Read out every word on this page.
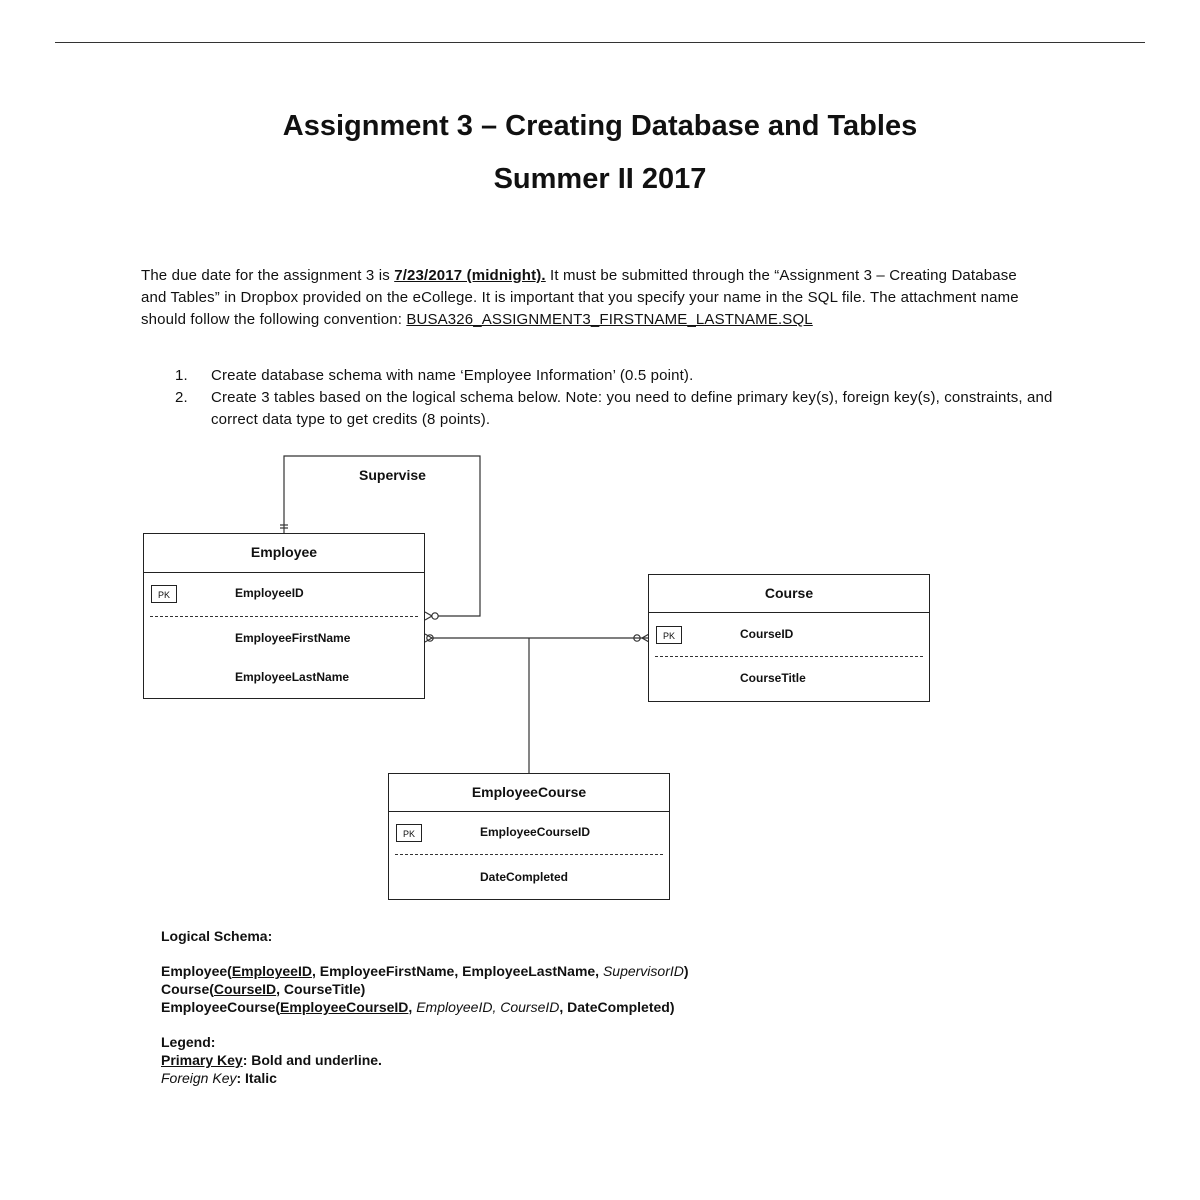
Assignment 3 – Creating Database and Tables
Summer II 2017
The due date for the assignment 3 is 7/23/2017 (midnight). It must be submitted through the “Assignment 3 – Creating Database and Tables” in Dropbox provided on the eCollege. It is important that you specify your name in the SQL file. The attachment name should follow the following convention: BUSA326_ASSIGNMENT3_FIRSTNAME_LASTNAME.SQL
1.	Create database schema with name ‘Employee Information’ (0.5 point).
2.	Create 3 tables based on the logical schema below. Note: you need to define primary key(s), foreign key(s), constraints, and correct data type to get credits (8 points).
Supervise
Employee
PK	EmployeeID
EmployeeFirstName
EmployeeLastName
Course
PK	CourseID
CourseTitle
EmployeeCourse
PK	EmployeeCourseID
DateCompleted
Logical Schema:
Employee(EmployeeID, EmployeeFirstName, EmployeeLastName, SupervisorID)
Course(CourseID, CourseTitle)
EmployeeCourse(EmployeeCourseID, EmployeeID, CourseID, DateCompleted)
Legend:
Primary Key: Bold and underline.
Foreign Key: Italic
